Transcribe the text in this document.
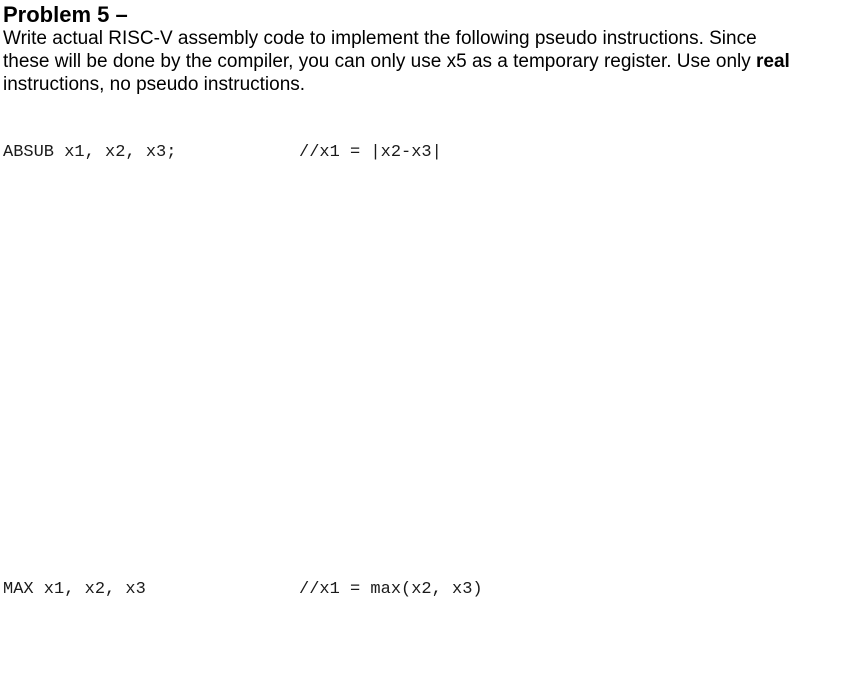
Problem 5 –

Write actual RISC-V assembly code to implement the following pseudo instructions. Since
these will be done by the compiler, you can only use x5 as a temporary register. Use only real
instructions, no pseudo instructions.

ABSUB x1, x2, x3;

	//x1 = |x2-x3|

MAX x1, x2, x3

	//x1 = max(x2, x3)
